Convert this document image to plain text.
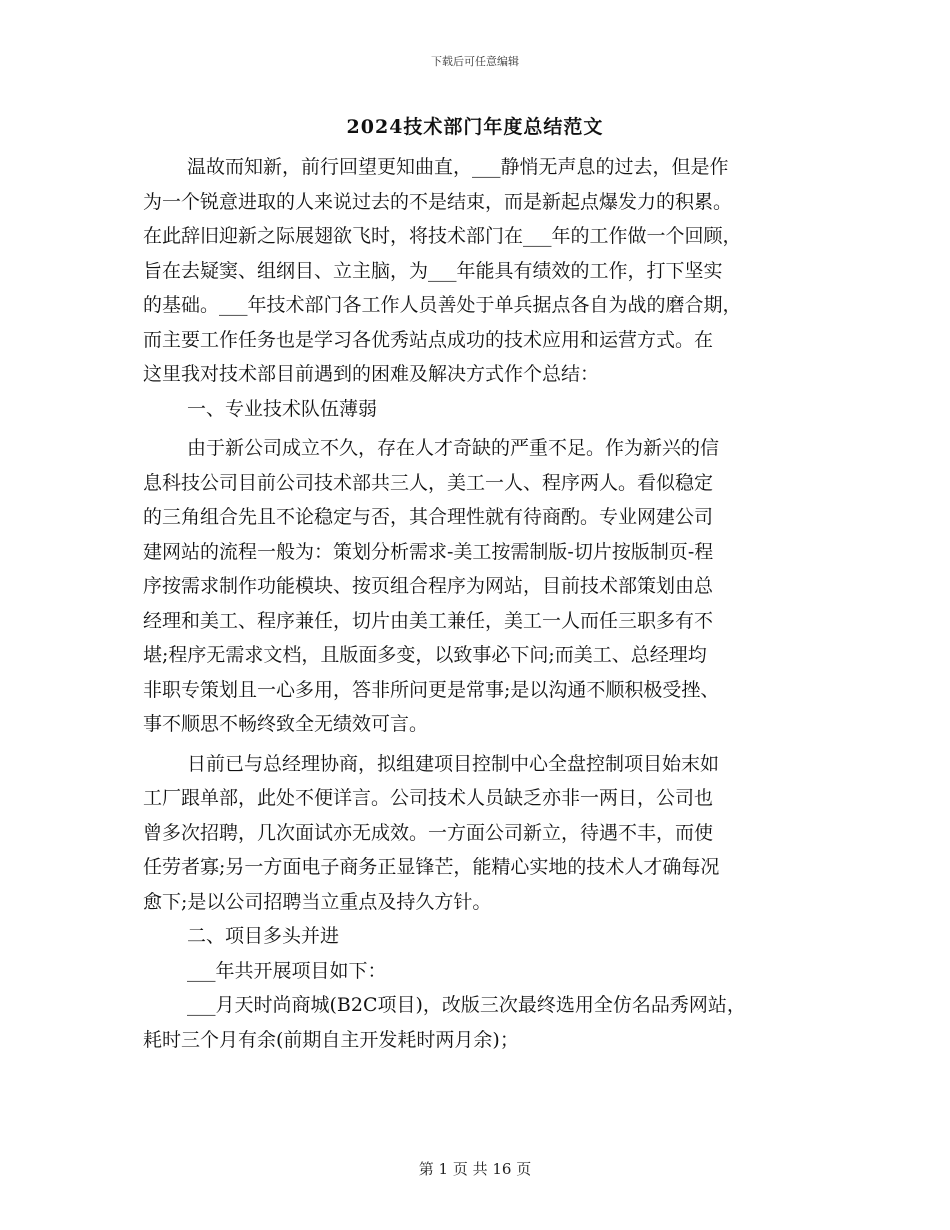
下载后可任意编辑
2024技术部门年度总结范文
温故而知新，前行回望更知曲直，___静悄无声息的过去，但是作
为一个锐意进取的人来说过去的不是结束，而是新起点爆发力的积累。
在此辞旧迎新之际展翅欲飞时，将技术部门在___年的工作做一个回顾，
旨在去疑窦、组纲目、立主脑，为___年能具有绩效的工作，打下坚实
的基础。___年技术部门各工作人员善处于单兵据点各自为战的磨合期，
而主要工作任务也是学习各优秀站点成功的技术应用和运营方式。在
这里我对技术部目前遇到的困难及解决方式作个总结：
一、专业技术队伍薄弱
由于新公司成立不久，存在人才奇缺的严重不足。作为新兴的信
息科技公司目前公司技术部共三人，美工一人、程序两人。看似稳定
的三角组合先且不论稳定与否，其合理性就有待商酌。专业网建公司
建网站的流程一般为：策划分析需求-美工按需制版-切片按版制页-程
序按需求制作功能模块、按页组合程序为网站，目前技术部策划由总
经理和美工、程序兼任，切片由美工兼任，美工一人而任三职多有不
堪;程序无需求文档，且版面多变，以致事必下问;而美工、总经理均
非职专策划且一心多用，答非所问更是常事;是以沟通不顺积极受挫、
事不顺思不畅终致全无绩效可言。
日前已与总经理协商，拟组建项目控制中心全盘控制项目始末如
工厂跟单部，此处不便详言。公司技术人员缺乏亦非一两日，公司也
曾多次招聘，几次面试亦无成效。一方面公司新立，待遇不丰，而使
任劳者寡;另一方面电子商务正显锋芒，能精心实地的技术人才确每况
愈下;是以公司招聘当立重点及持久方针。
二、项目多头并进
___年共开展项目如下：
___月天时尚商城(B2C项目)，改版三次最终选用全仿名品秀网站，
耗时三个月有余(前期自主开发耗时两月余)；
第 1 页 共 16 页
